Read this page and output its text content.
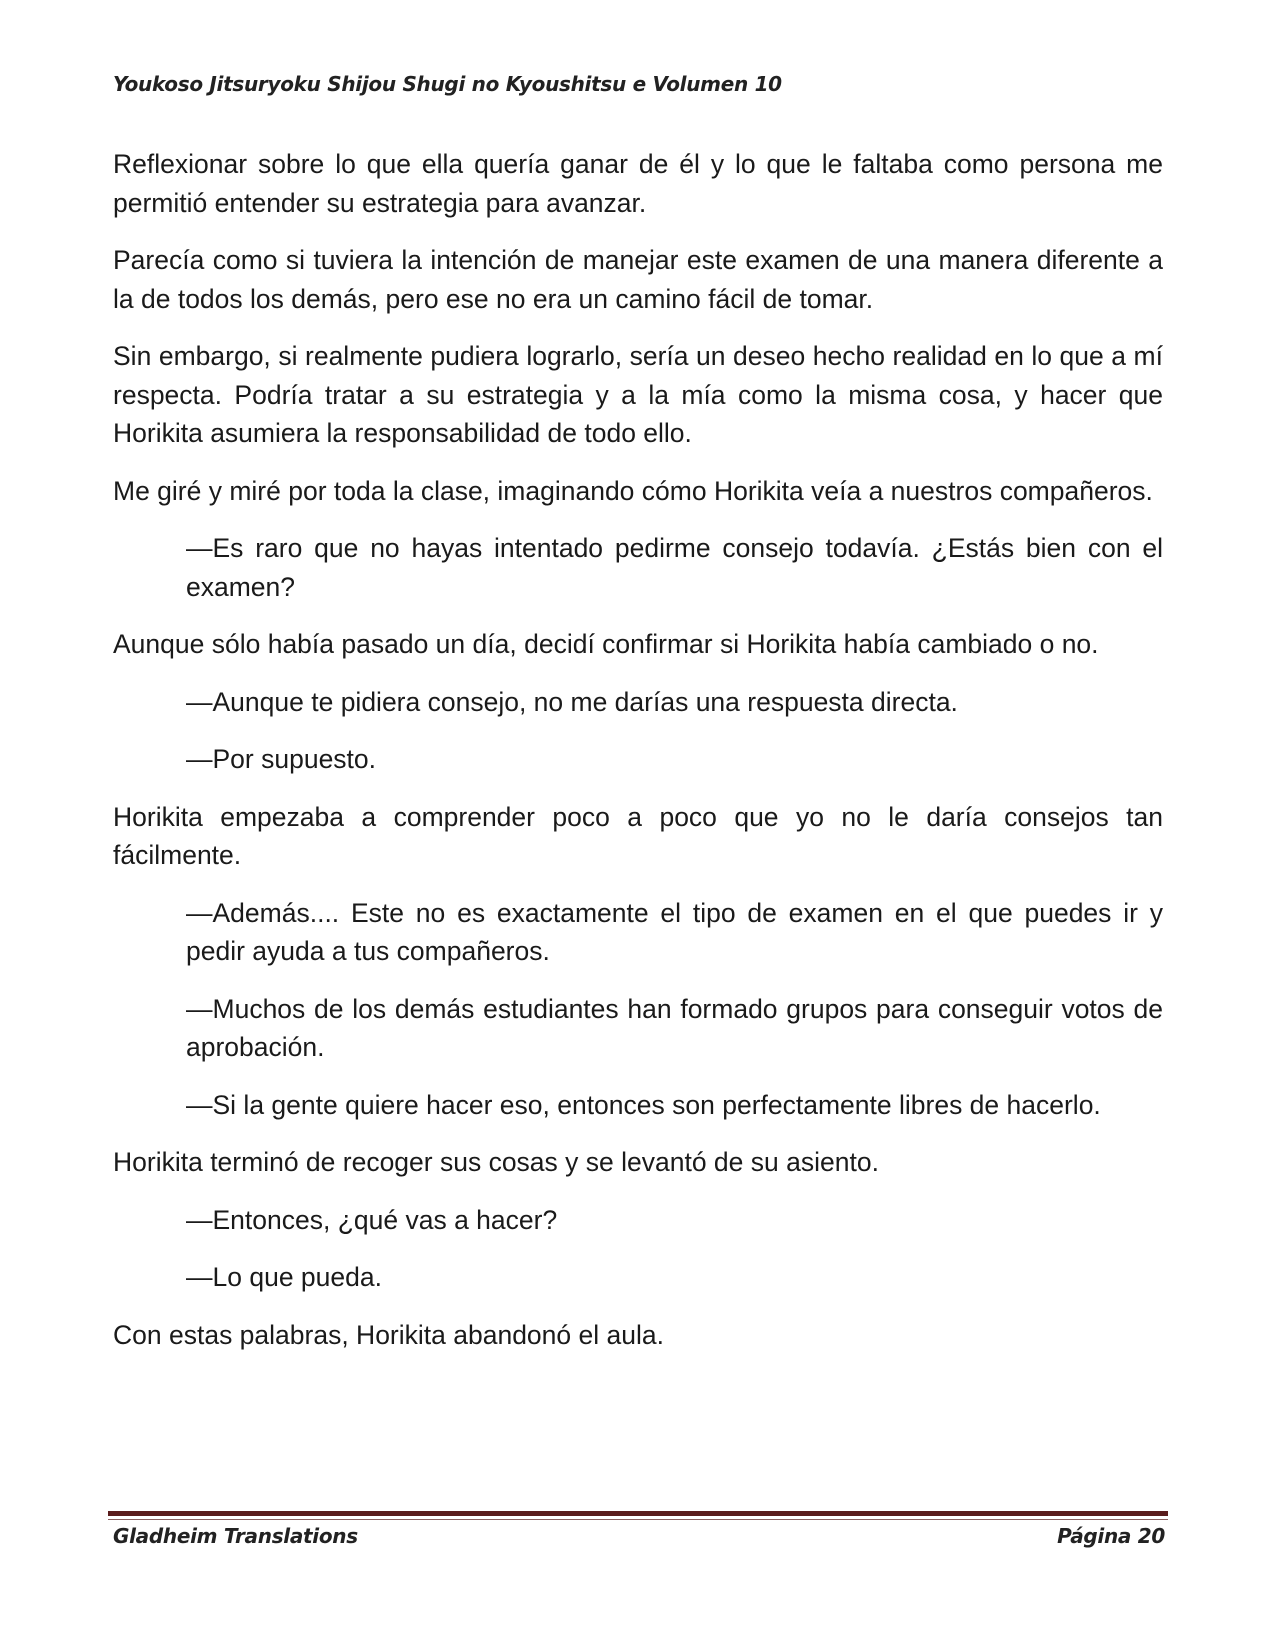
Youkoso Jitsuryoku Shijou Shugi no Kyoushitsu e Volumen 10

Reflexionar sobre lo que ella quería ganar de él y lo que le faltaba como persona me permitió entender su estrategia para avanzar.

Parecía como si tuviera la intención de manejar este examen de una manera diferente a la de todos los demás, pero ese no era un camino fácil de tomar.

Sin embargo, si realmente pudiera lograrlo, sería un deseo hecho realidad en lo que a mí respecta. Podría tratar a su estrategia y a la mía como la misma cosa, y hacer que Horikita asumiera la responsabilidad de todo ello.

Me giré y miré por toda la clase, imaginando cómo Horikita veía a nuestros compañeros.

—Es raro que no hayas intentado pedirme consejo todavía. ¿Estás bien con el examen?

Aunque sólo había pasado un día, decidí confirmar si Horikita había cambiado o no.

—Aunque te pidiera consejo, no me darías una respuesta directa.

—Por supuesto.

Horikita empezaba a comprender poco a poco que yo no le daría consejos tan fácilmente.

—Además.... Este no es exactamente el tipo de examen en el que puedes ir y pedir ayuda a tus compañeros.

—Muchos de los demás estudiantes han formado grupos para conseguir votos de aprobación.

—Si la gente quiere hacer eso, entonces son perfectamente libres de hacerlo.

Horikita terminó de recoger sus cosas y se levantó de su asiento.

—Entonces, ¿qué vas a hacer?

—Lo que pueda.

Con estas palabras, Horikita abandonó el aula.

Gladheim Translations	Página 20
